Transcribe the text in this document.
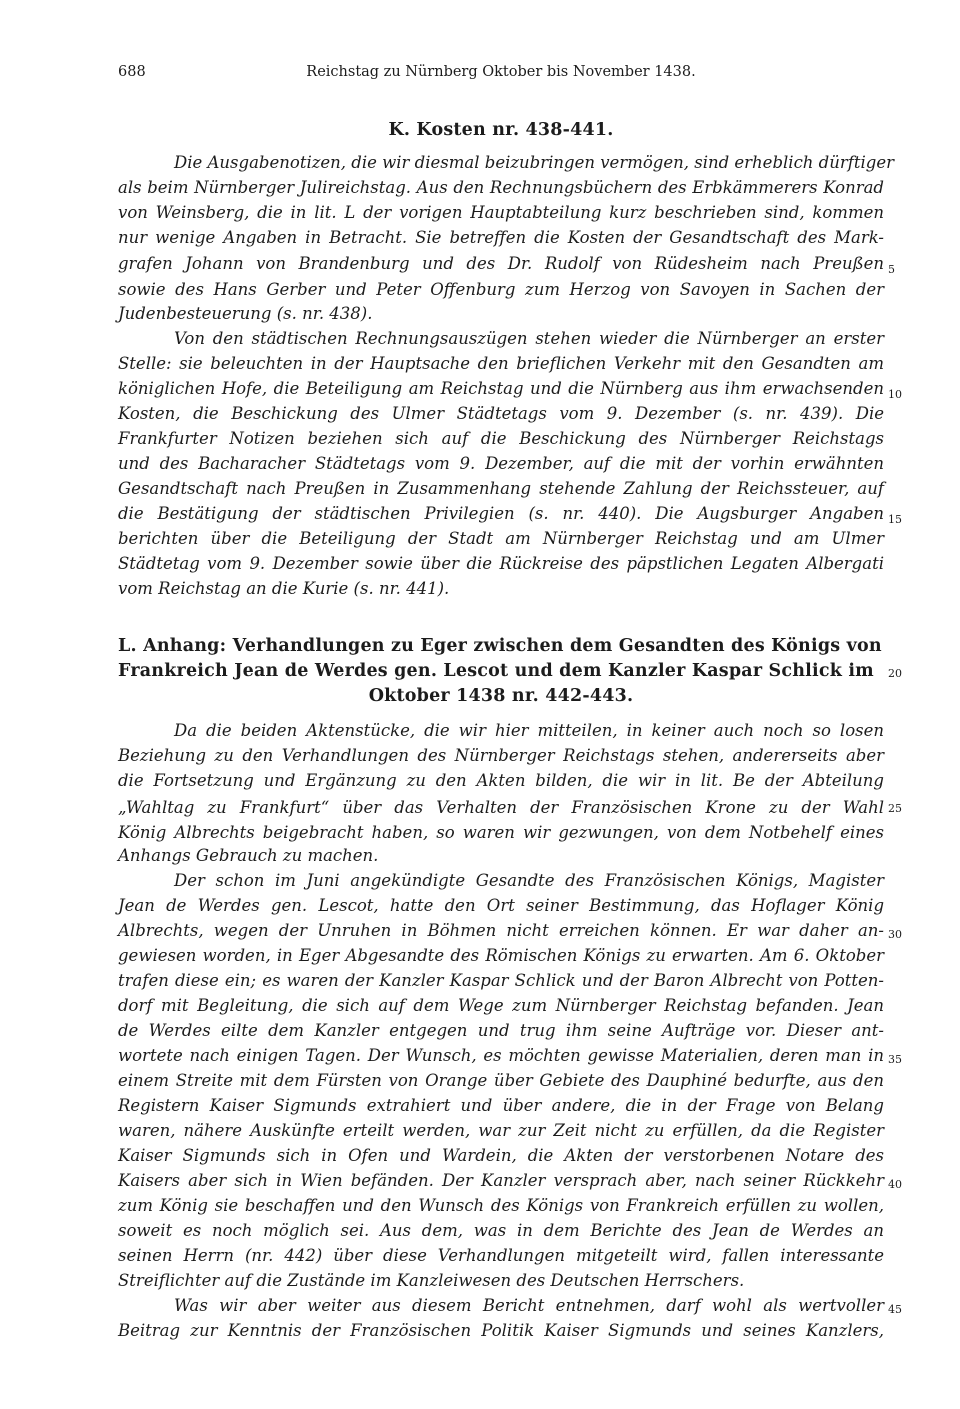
688	Reichstag zu Nürnberg Oktober bis November 1438.
K. Kosten nr. 438-441.
Die Ausgabenotizen, die wir diesmal beizubringen vermögen, sind erheblich dürftiger
als beim Nürnberger Julireichstag. Aus den Rechnungsbüchern des Erbkämmerers Konrad
von Weinsberg, die in lit. L der vorigen Hauptabteilung kurz beschrieben sind, kommen
nur wenige Angaben in Betracht. Sie betreffen die Kosten der Gesandtschaft des Mark-
grafen Johann von Brandenburg und des Dr. Rudolf von Rüdesheim nach Preußen
sowie des Hans Gerber und Peter Offenburg zum Herzog von Savoyen in Sachen der
Judenbesteuerung (s. nr. 438).
Von den städtischen Rechnungsauszügen stehen wieder die Nürnberger an erster
Stelle: sie beleuchten in der Hauptsache den brieflichen Verkehr mit den Gesandten am
königlichen Hofe, die Beteiligung am Reichstag und die Nürnberg aus ihm erwachsenden
Kosten, die Beschickung des Ulmer Städtetags vom 9. Dezember (s. nr. 439). Die
Frankfurter Notizen beziehen sich auf die Beschickung des Nürnberger Reichstags
und des Bacharacher Städtetags vom 9. Dezember, auf die mit der vorhin erwähnten
Gesandtschaft nach Preußen in Zusammenhang stehende Zahlung der Reichssteuer, auf
die Bestätigung der städtischen Privilegien (s. nr. 440). Die Augsburger Angaben
berichten über die Beteiligung der Stadt am Nürnberger Reichstag und am Ulmer
Städtetag vom 9. Dezember sowie über die Rückreise des päpstlichen Legaten Albergati
vom Reichstag an die Kurie (s. nr. 441).
L. Anhang: Verhandlungen zu Eger zwischen dem Gesandten des Königs von
Frankreich Jean de Werdes gen. Lescot und dem Kanzler Kaspar Schlick im
Oktober 1438 nr. 442-443.
Da die beiden Aktenstücke, die wir hier mitteilen, in keiner auch noch so losen
Beziehung zu den Verhandlungen des Nürnberger Reichstags stehen, andererseits aber
die Fortsetzung und Ergänzung zu den Akten bilden, die wir in lit. Be der Abteilung
„Wahltag zu Frankfurt“ über das Verhalten der Französischen Krone zu der Wahl
König Albrechts beigebracht haben, so waren wir gezwungen, von dem Notbehelf eines
Anhangs Gebrauch zu machen.
Der schon im Juni angekündigte Gesandte des Französischen Königs, Magister
Jean de Werdes gen. Lescot, hatte den Ort seiner Bestimmung, das Hoflager König
Albrechts, wegen der Unruhen in Böhmen nicht erreichen können. Er war daher an-
gewiesen worden, in Eger Abgesandte des Römischen Königs zu erwarten. Am 6. Oktober
trafen diese ein; es waren der Kanzler Kaspar Schlick und der Baron Albrecht von Potten-
dorf mit Begleitung, die sich auf dem Wege zum Nürnberger Reichstag befanden. Jean
de Werdes eilte dem Kanzler entgegen und trug ihm seine Aufträge vor. Dieser ant-
wortete nach einigen Tagen. Der Wunsch, es möchten gewisse Materialien, deren man in
einem Streite mit dem Fürsten von Orange über Gebiete des Dauphiné bedurfte, aus den
Registern Kaiser Sigmunds extrahiert und über andere, die in der Frage von Belang
waren, nähere Auskünfte erteilt werden, war zur Zeit nicht zu erfüllen, da die Register
Kaiser Sigmunds sich in Ofen und Wardein, die Akten der verstorbenen Notare des
Kaisers aber sich in Wien befänden. Der Kanzler versprach aber, nach seiner Rückkehr
zum König sie beschaffen und den Wunsch des Königs von Frankreich erfüllen zu wollen,
soweit es noch möglich sei. Aus dem, was in dem Berichte des Jean de Werdes an
seinen Herrn (nr. 442) über diese Verhandlungen mitgeteilt wird, fallen interessante
Streiflichter auf die Zustände im Kanzleiwesen des Deutschen Herrschers.
Was wir aber weiter aus diesem Bericht entnehmen, darf wohl als wertvoller
Beitrag zur Kenntnis der Französischen Politik Kaiser Sigmunds und seines Kanzlers,
5
10
15
20
25
30
35
40
45
